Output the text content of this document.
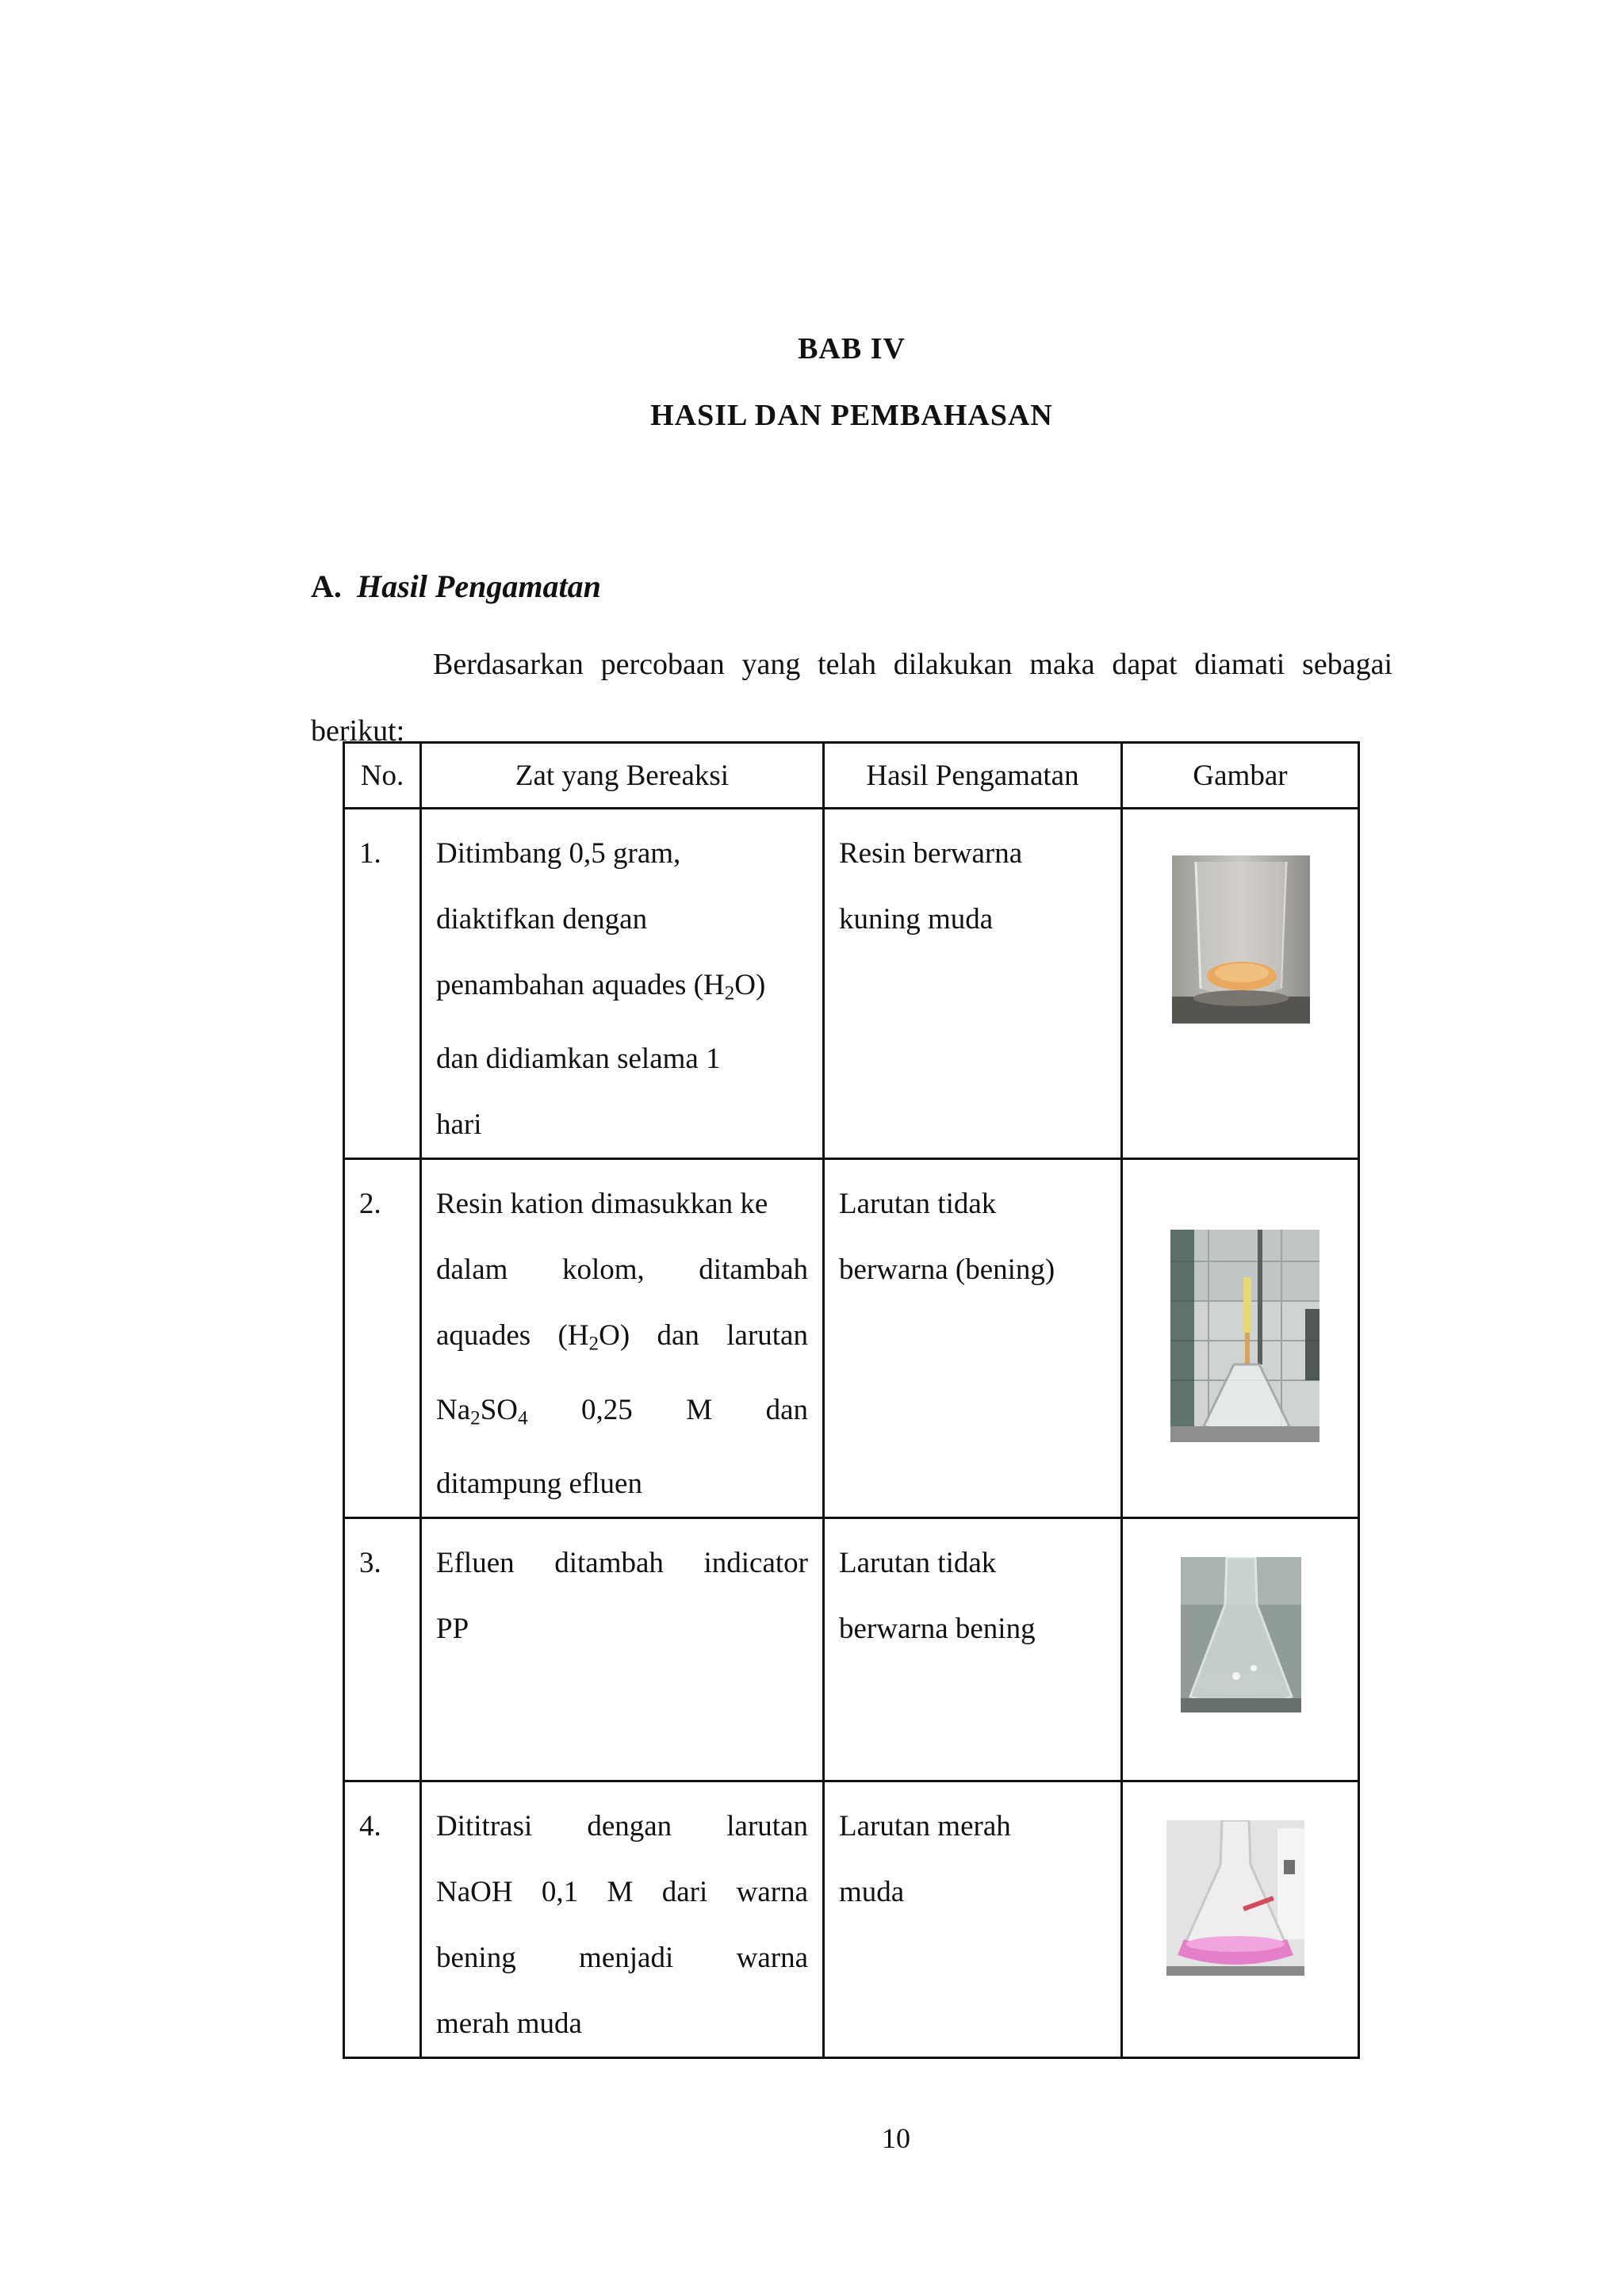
BAB IV
HASIL DAN PEMBAHASAN
A. Hasil Pengamatan
Berdasarkan percobaan yang telah dilakukan maka dapat diamati sebagai berikut:
No.	Zat yang Bereaksi	Hasil Pengamatan	Gambar
1.	Ditimbang 0,5 gram,
diaktifkan dengan
penambahan aquades $(H_2O)$
dan didiamkan selama 1
hari	Resin berwarna
kuning muda

2.	Resin kation dimasukkan ke
dalam kolom, ditambah
aquades $(H_2O)$ dan larutan
$Na_2SO_4$ 0,25 M dan
ditampung efluen	Larutan tidak
berwarna (bening)

3.	Efluen ditambah indicator
PP	Larutan tidak
berwarna bening

4.	Dititrasi dengan larutan
NaOH 0,1 M dari warna
bening menjadi warna
merah muda	Larutan merah
muda

10
